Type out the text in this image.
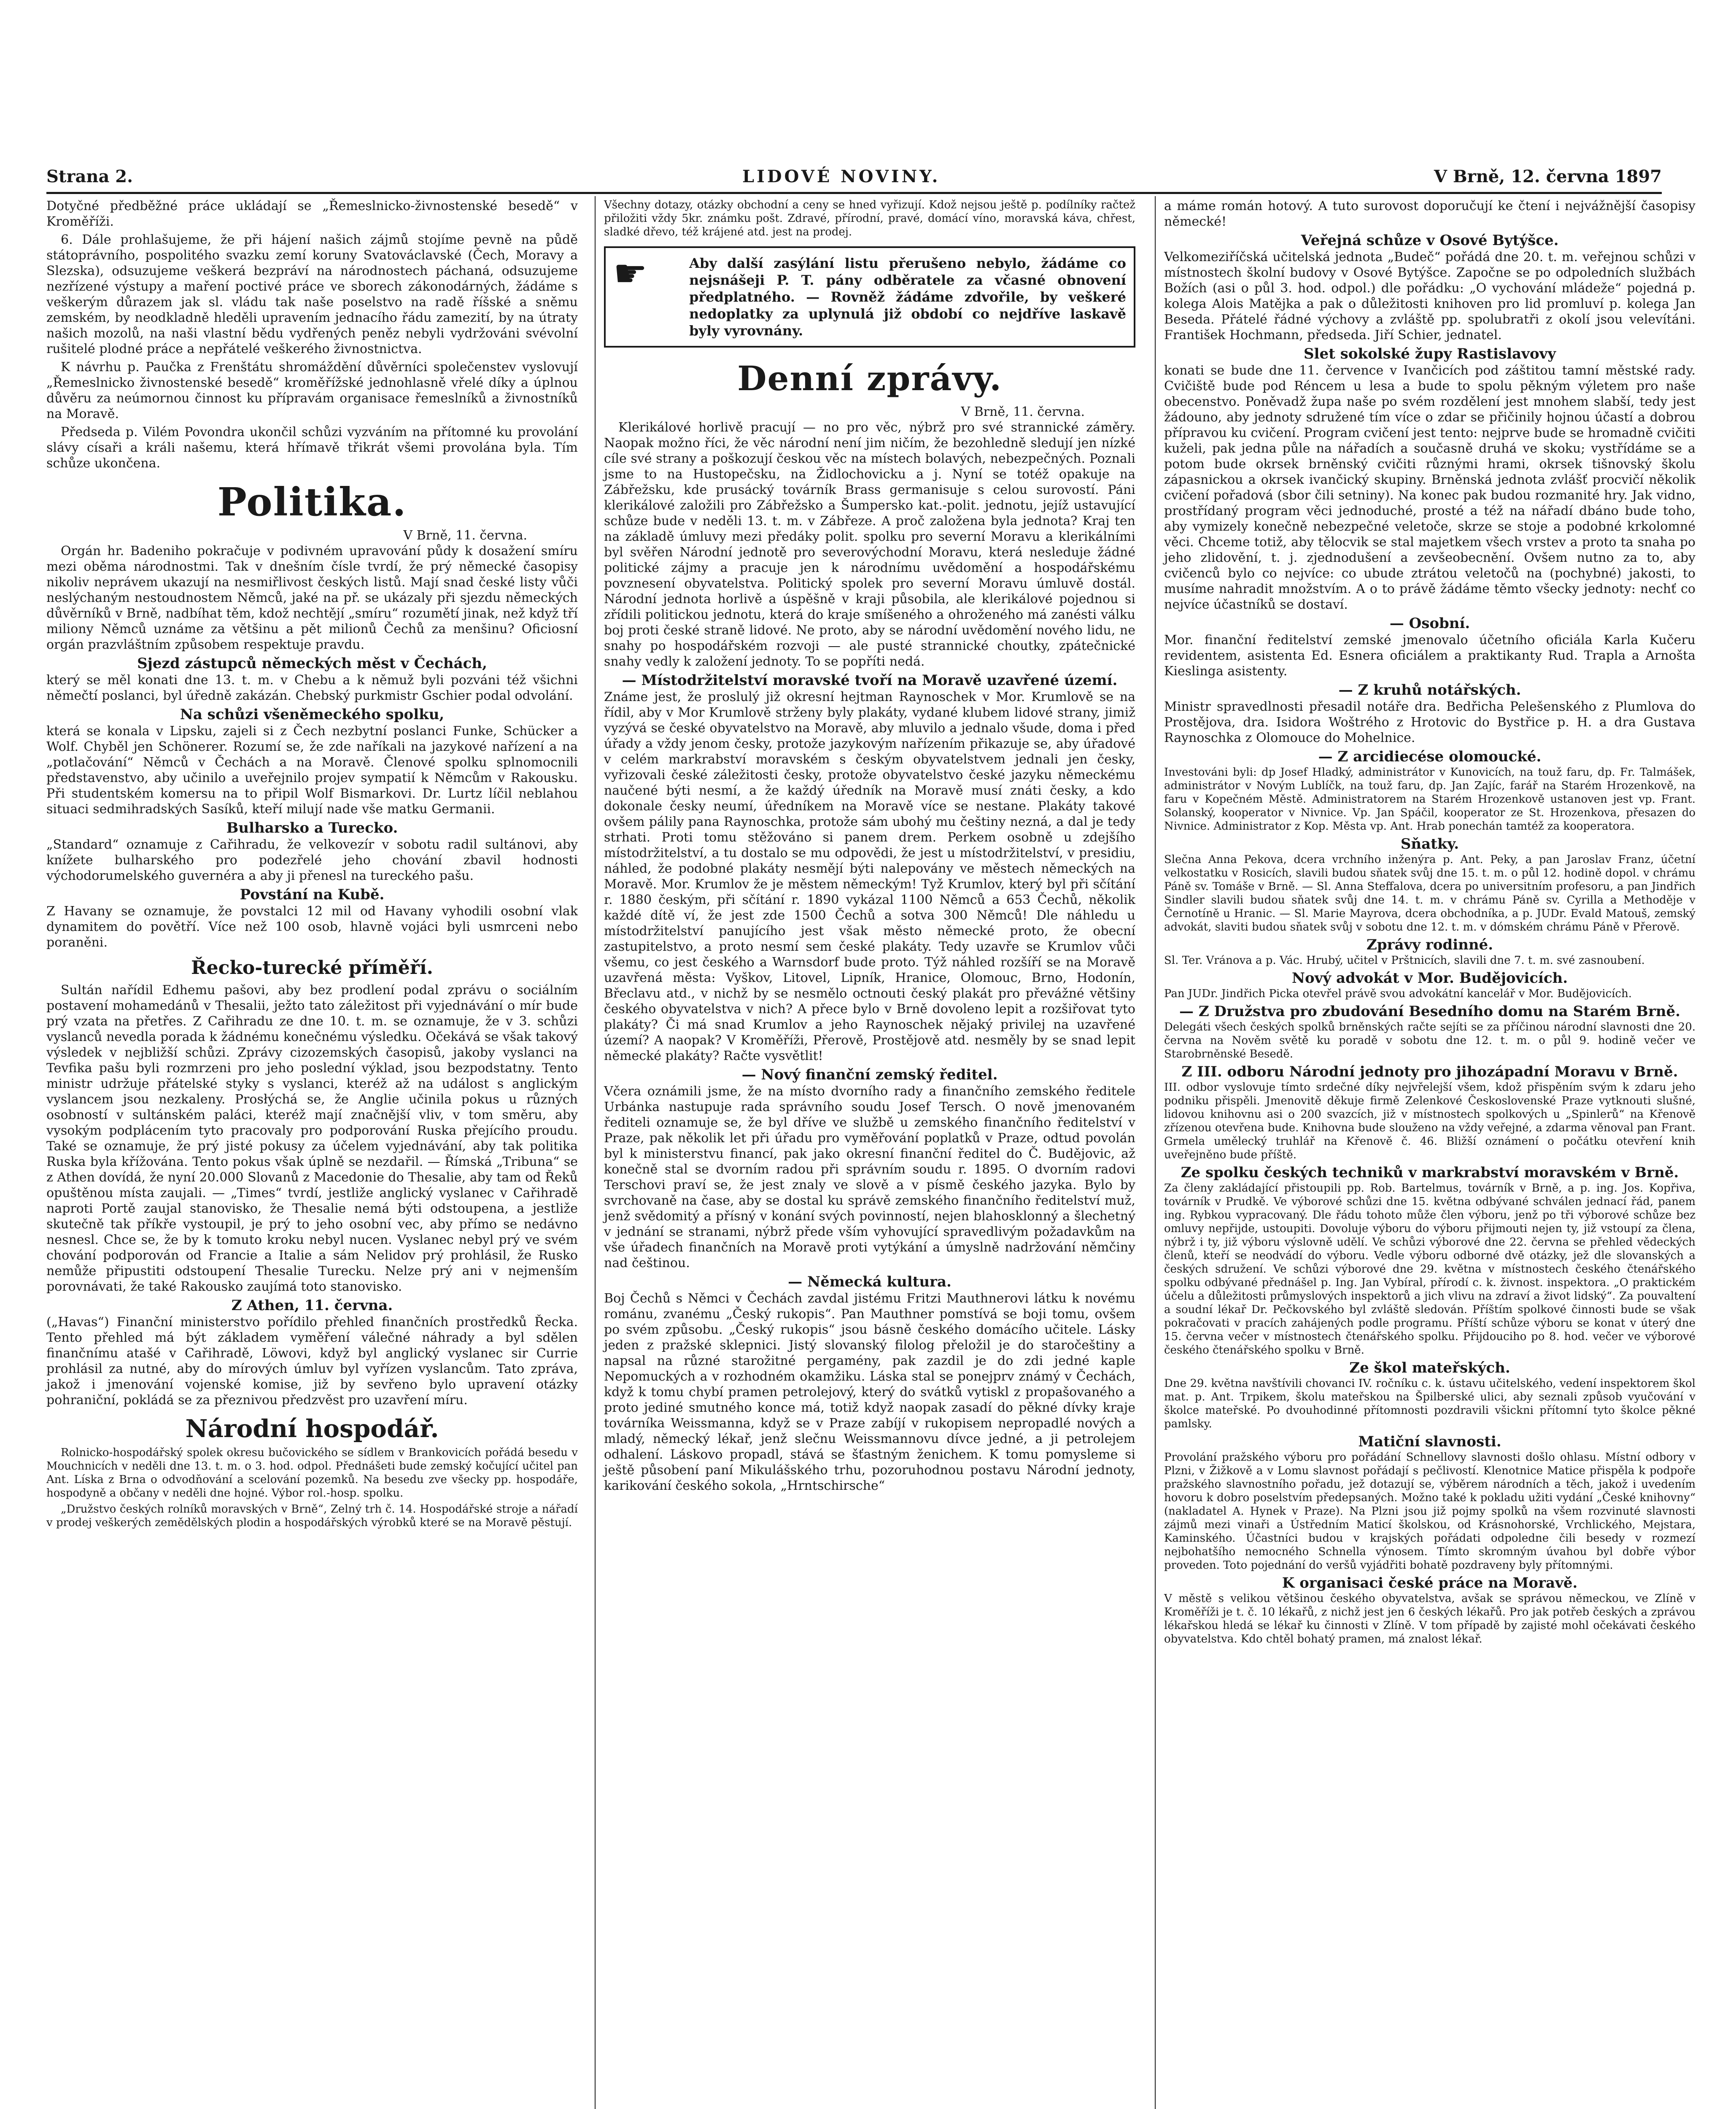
Strana 2.	LIDOVÉ NOVINY.	V Brně, 12. června 1897

Dotyčné předběžné práce ukládají se „Řemeslnicko-živnostenské besedě“ v Kroměříži.

6. Dále prohlašujeme, že při hájení našich zájmů stojíme pevně na půdě státoprávního, pospolitého svazku zemí koruny Svatováclavské (Čech, Moravy a Slezska), odsuzujeme veškerá bezpráví na národnostech páchaná, odsuzujeme nezřízené výstupy a maření poctivé práce ve sborech zákonodárných, žádáme s veškerým důrazem jak sl. vládu tak naše poselstvo na radě říšské a sněmu zemském, by neodkladně hleděli upravením jednacího řádu zamezití, by na útraty našich mozolů, na naši vlastní bědu vydřených peněz nebyli vydržováni svévolní rušitelé plodné práce a nepřátelé veškerého živnostnictva.

K návrhu p. Paučka z Frenštátu shromáždění důvěrníci společenstev vyslovují „Řemeslnicko živnostenské besedě“ kroměřížské jednohlasně vřelé díky a úplnou důvěru za neúmornou činnost ku přípravám organisace řemeslníků a živnostníků na Moravě.

Předseda p. Vilém Povondra ukončil schůzi vyzváním na přítomné ku provolání slávy císaři a králi našemu, která hřímavě třikrát všemi provolána byla. Tím schůze ukončena.

Politika.
V Brně, 11. června.

Orgán hr. Badeniho pokračuje v podivném upravování půdy k dosažení smíru mezi oběma národnostmi. Tak v dnešním čísle tvrdí, že prý německé časopisy nikoliv neprávem ukazují na nesmiřlivost českých listů. Mají snad české listy vůči neslýchaným nestoudnostem Němců, jaké na př. se ukázaly při sjezdu německých důvěrníků v Brně, nadbíhat těm, kdož nechtějí „smíru“ rozumětí jinak, než když tří miliony Němců uznáme za většinu a pět milionů Čechů za menšinu? Oficiosní orgán prazvláštním způsobem respektuje pravdu.

Sjezd zástupců německých měst v Čechách,

který se měl konati dne 13. t. m. v Chebu a k němuž byli pozváni též všichni němečtí poslanci, byl úředně zakázán. Chebský purkmistr Gschier podal odvolání.

Na schůzi všeněmeckého spolku,

která se konala v Lipsku, zajeli si z Čech nezbytní poslanci Funke, Schücker a Wolf. Chyběl jen Schönerer. Rozumí se, že zde naříkali na jazykové nařízení a na „potlačování“ Němců v Čechách a na Moravě. Členové spolku splnomocnili představenstvo, aby učinilo a uveřejnilo projev sympatií k Němcům v Rakousku. Při studentském komersu na to připil Wolf Bismarkovi. Dr. Lurtz líčil neblahou situaci sedmihradských Sasíků, kteří milují nade vše matku Germanii.

Bulharsko a Turecko.

„Standard“ oznamuje z Cařihradu, že velkovezír v sobotu radil sultánovi, aby knížete bulharského pro podezřelé jeho chování zbavil hodnosti východorumelského guvernéra a aby ji přenesl na tureckého pašu.

Povstání na Kubě.

Z Havany se oznamuje, že povstalci 12 mil od Havany vyhodili osobní vlak dynamitem do povětří. Více než 100 osob, hlavně vojáci byli usmrceni nebo poraněni.

Řecko-turecké příměří.

Sultán nařídil Edhemu pašovi, aby bez prodlení podal zprávu o sociálním postavení mohamedánů v Thesalii, ježto tato záležitost při vyjednávání o mír bude prý vzata na přetřes. Z Cařihradu ze dne 10. t. m. se oznamuje, že v 3. schůzi vyslanců nevedla porada k žádnému konečnému výsledku. Očekává se však takový výsledek v nejbližší schůzi. Zprávy cizozemských časopisů, jakoby vyslanci na Tevfika pašu byli rozmrzeni pro jeho poslední výklad, jsou bezpodstatny. Tento ministr udržuje přátelské styky s vyslanci, kteréž až na událost s anglickým vyslancem jsou nezkaleny. Prosłýchá se, že Anglie učinila pokus u různých osobností v sultánském paláci, kteréž mají značnější vliv, v tom směru, aby vysokým podplácením tyto pracovaly pro podporování Ruska přejícího proudu. Také se oznamuje, že prý jisté pokusy za účelem vyjednávání, aby tak politika Ruska byla křížována. Tento pokus však úplně se nezdařil. — Římská „Tribuna“ se z Athen dovídá, že nyní 20.000 Slovanů z Macedonie do Thesalie, aby tam od Řeků opuštěnou místa zaujali. — „Times“ tvrdí, jestliže anglický vyslanec v Cařihradě naproti Portě zaujal stanovisko, že Thesalie nemá býti odstoupena, a jestliže skutečně tak příkře vystoupil, je prý to jeho osobní vec, aby přímo se nedávno nesnesl. Chce se, že by k tomuto kroku nebyl nucen. Vyslanec nebyl prý ve svém chování podporován od Francie a Italie a sám Nelidov prý prohlásil, že Rusko nemůže připustiti odstoupení Thesalie Turecku. Nelze prý ani v nejmenším porovnávati, že také Rakousko zaujímá toto stanovisko.

Z Athen, 11. června.

(„Havas“) Finanční ministerstvo pořídilo přehled finančních prostředků Řecka. Tento přehled má být základem vyměření válečné náhrady a byl sdělen finančnímu atašé v Cařihradě, Löwovi, když byl anglický vyslanec sir Currie prohlásil za nutné, aby do mírových úmluv byl vyřízen vyslancům. Tato zpráva, jakož i jmenování vojenské komise, již by sevřeno bylo upravení otázky pohraniční, pokládá se za přeznivou předzvěst pro uzavření míru.

Národní hospodář.

Rolnicko-hospodářský spolek okresu bučovického se sídlem v Brankovicích pořádá besedu v Mouchnicích v neděli dne 13. t. m. o 3. hod. odpol. Přednášeti bude zemský kočující učitel pan Ant. Líska z Brna o odvodňování a scelování pozemků. Na besedu zve všecky pp. hospodáře, hospodyně a občany v neděli dne hojné. Výbor rol.-hosp. spolku.

„Družstvo českých rolníků moravských v Brně“, Zelný trh č. 14. Hospodářské stroje a nářadí v prodej veškerých zemědělských plodin a hospodářských výrobků které se na Moravě pěstují.

Všechny dotazy, otázky obchodní a ceny se hned vyřizují. Kdož nejsou ještě p. podílníky račtež přiložiti vždy 5kr. známku pošt. Zdravé, přírodní, pravé, domácí víno, moravská káva, chřest, sladké dřevo, též krájené atd. jest na prodej.

☛	Aby další zasýlání listu přerušeno nebylo, žádáme co nejsnášeji P. T. pány odběratele za včasné obnovení předplatného. — Rovněž žádáme zdvořile, by veškeré nedoplatky za uplynulá již období co nejdříve laskavě byly vyrovnány.
Denní zprávy.
V Brně, 11. června.

Klerikálové horlivě pracují — no pro věc, nýbrž pro své strannické záměry. Naopak možno říci, že věc národní není jim ničím, že bezohledně sledují jen nízké cíle své strany a poškozují českou věc na místech bolavých, nebezpečných. Poznali jsme to na Hustopečsku, na Židlochovicku a j. Nyní se totéž opakuje na Zábřežsku, kde prusácký továrník Brass germanisuje s celou surovostí. Páni klerikálové založili pro Zábřežsko a Šumpersko kat.-polit. jednotu, jejíž ustavující schůze bude v neděli 13. t. m. v Zábřeze. A proč založena byla jednota? Kraj ten na základě úmluvy mezi předáky polit. spolku pro severní Moravu a klerikálními byl svěřen Národní jednotě pro severovýchodní Moravu, která nesleduje žádné politické zájmy a pracuje jen k národnímu uvědomění a hospodářskému povznesení obyvatelstva. Politický spolek pro severní Moravu úmluvě dostál. Národní jednota horlivě a úspěšně v kraji působila, ale klerikálové pojednou si zřídili politickou jednotu, která do kraje smíšeného a ohroženého má zanésti válku boj proti české straně lidové. Ne proto, aby se národní uvědomění nového lidu, ne snahy po hospodářském rozvoji — ale pusté strannické choutky, zpátečnické snahy vedly k založení jednoty. To se popříti nedá.

— Místodržitelství moravské tvoří na Moravě uzavřené území.

Známe jest, že proslulý již okresní hejtman Raynoschek v Mor. Krumlově se na řídil, aby v Mor Krumlově strženy byly plakáty, vydané klubem lidové strany, jimiž vyzývá se české obyvatelstvo na Moravě, aby mluvilo a jednalo všude, doma i před úřady a vždy jenom česky, protože jazykovým nařízením přikazuje se, aby úřadové v celém markrabství moravském s českým obyvatelstvem jednali jen česky, vyřizovali české záležitosti česky, protože obyvatelstvo české jazyku německému naučené býti nesmí, a že každý úředník na Moravě musí znáti česky, a kdo dokonale česky neumí, úředníkem na Moravě více se nestane. Plakáty takové ovšem pálily pana Raynoschka, protože sám ubohý mu češtiny nezná, a dal je tedy strhati. Proti tomu stěžováno si panem drem. Perkem osobně u zdejšího místodržitelství, a tu dostalo se mu odpovědi, že jest u místodržitelství, v presidiu, náhled, že podobné plakáty nesmějí býti nalepovány ve městech německých na Moravě. Mor. Krumlov že je městem německým! Tyž Krumlov, který byl při sčítání r. 1880 českým, při sčítání r. 1890 vykázal 1100 Němců a 653 Čechů, několik každé dítě ví, že jest zde 1500 Čechů a sotva 300 Němců! Dle náhledu u místodržitelství panujícího jest však město německé proto, že obecní zastupitelstvo, a proto nesmí sem české plakáty. Tedy uzavře se Krumlov vůči všemu, co jest českého a Warnsdorf bude proto. Týž náhled rozšíří se na Moravě uzavřená města: Vyškov, Litovel, Lipník, Hranice, Olomouc, Brno, Hodonín, Břeclavu atd., v nichž by se nesmělo octnouti český plakát pro převážné většiny českého obyvatelstva v nich? A přece bylo v Brně dovoleno lepit a rozšiřovat tyto plakáty? Či má snad Krumlov a jeho Raynoschek nějaký privilej na uzavřené území? A naopak? V Kroměříži, Přerově, Prostějově atd. nesměly by se snad lepit německé plakáty? Račte vysvětlit!

— Nový finanční zemský ředitel.

Včera oznámili jsme, že na místo dvorního rady a finančního zemského ředitele Urbánka nastupuje rada správního soudu Josef Tersch. O nově jmenovaném řediteli oznamuje se, že byl dříve ve službě u zemského finančního ředitelství v Praze, pak několik let při úřadu pro vyměřování poplatků v Praze, odtud povolán byl k ministerstvu financí, pak jako okresní finanční ředitel do Č. Budějovic, až konečně stal se dvorním radou při správním soudu r. 1895. O dvorním radovi Terschovi praví se, že jest znaly ve slově a v písmě českého jazyka. Bylo by svrchovaně na čase, aby se dostal ku správě zemského finančního ředitelství muž, jenž svědomitý a přísný v konání svých povinností, nejen blahosklonný a šlechetný v jednání se stranami, nýbrž přede vším vyhovující spravedlivým požadavkům na vše úřadech finančních na Moravě proti vytýkání a úmyslně nadržování němčiny nad češtinou.

— Německá kultura.

Boj Čechů s Němci v Čechách zavdal jistému Fritzi Mauthnerovi látku k novému románu, zvanému „Český rukopis“. Pan Mauthner pomstívá se boji tomu, ovšem po svém způsobu. „Český rukopis“ jsou básně českého domácího učitele. Lásky jeden z pražské sklepnici. Jistý slovanský filolog přeložil je do staročeštiny a napsal na různé starožitné pergamény, pak zazdil je do zdi jedné kaple Nepomuckých a v rozhodném okamžiku. Láska stal se ponejprv známý v Čechách, když k tomu chybí pramen petrolejový, který do svátků vytiskl z propašovaného a proto jediné smutného konce má, totiž když naopak zasadí do pěkné dívky kraje továrníka Weissmanna, když se v Praze zabíjí v rukopisem nepropadlé nových a mladý, německý lékař, jenž slečnu Weissmannovu dívce jedné, a ji petrolejem odhalení. Láskovo propadl, stává se šťastným ženichem. K tomu pomysleme si ještě působení paní Mikulášského trhu, pozoruhodnou postavu Národní jednoty, karikování českého sokola, „Hrntschirsche“

a máme román hotový. A tuto surovost doporučují ke čtení i nejvážnější časopisy německé!

Veřejná schůze v Osové Bytýšce.

Velkomeziříčská učitelská jednota „Budeč“ pořádá dne 20. t. m. veřejnou schůzi v místnostech školní budovy v Osové Bytýšce. Započne se po odpoledních službách Božích (asi o půl 3. hod. odpol.) dle pořádku: „O vychování mládeže“ pojedná p. kolega Alois Matějka a pak o důležitosti knihoven pro lid promluví p. kolega Jan Beseda. Přátelé řádné výchovy a zvláště pp. spolubratři z okolí jsou velevítáni. František Hochmann, předseda. Jiří Schier, jednatel.

Slet sokolské župy Rastislavovy

konati se bude dne 11. července v Ivančicích pod záštitou tamní městské rady. Cvičiště bude pod Réncem u lesa a bude to spolu pěkným výletem pro naše obecenstvo. Poněvadž župa naše po svém rozdělení jest mnohem slabší, tedy jest žádouno, aby jednoty sdružené tím více o zdar se přičinily hojnou účastí a dobrou přípravou ku cvičení. Program cvičení jest tento: nejprve bude se hromadně cvičiti kuželi, pak jedna půle na nářadích a současně druhá ve skoku; vystřídáme se a potom bude okrsek brněnský cvičiti různými hrami, okrsek tišnovský školu zápasnickou a okrsek ivančický skupiny. Brněnská jednota zvlášť procvičí několik cvičení pořadová (sbor čili setniny). Na konec pak budou rozmanité hry. Jak vidno, prostřídaný program věci jednoduché, prosté a též na nářadí dbáno bude toho, aby vymizely konečně nebezpečné veletoče, skrze se stoje a podobné krkolomné věci. Chceme totiž, aby tělocvik se stal majetkem všech vrstev a proto ta snaha po jeho zlidovění, t. j. zjednodušení a zevšeobecnění. Ovšem nutno za to, aby cvičenců bylo co nejvíce: co ubude ztrátou veletočů na (pochybné) jakosti, to musíme nahradit množstvím. A o to právě žádáme těmto všecky jednoty: nechť co nejvíce účastníků se dostaví.

— Osobní.

Mor. finanční ředitelství zemské jmenovalo účetního oficiála Karla Kučeru revidentem, asistenta Ed. Esnera oficiálem a praktikanty Rud. Trapla a Arnošta Kieslinga asistenty.

— Z kruhů notářských.

Ministr spravedlnosti přesadil notáře dra. Bedřicha Pelešenského z Plumlova do Prostějova, dra. Isidora Woštrého z Hrotovic do Bystřice p. H. a dra Gustava Raynoschka z Olomouce do Mohelnice.

— Z arcidiecése olomoucké.

Investováni byli: dp Josef Hladký, administrátor v Kunovicích, na touž faru, dp. Fr. Talmášek, administrátor v Novým Lublíčk, na touž faru, dp. Jan Zajíc, farář na Starém Hrozenkově, na faru v Kopečném Městě. Administratorem na Starém Hrozenkově ustanoven jest vp. Frant. Solanský, kooperator v Nivnice. Vp. Jan Spáčil, kooperator ze St. Hrozenkova, přesazen do Nivnice. Administrator z Kop. Města vp. Ant. Hrab ponechán tamtéž za kooperatora.

Sňatky.

Slečna Anna Pekova, dcera vrchního inženýra p. Ant. Peky, a pan Jaroslav Franz, účetní velkostatku v Rosicích, slavili budou sňatek svůj dne 15. t. m. o půl 12. hodině dopol. v chrámu Páně sv. Tomáše v Brně. — Sl. Anna Steffalova, dcera po universitním profesoru, a pan Jindřich Sindler slavili budou sňatek svůj dne 14. t. m. v chrámu Páně sv. Cyrilla a Methoděje v Černotíně u Hranic. — Sl. Marie Mayrova, dcera obchodníka, a p. JUDr. Evald Matouš, zemský advokát, slaviti budou sňatek svůj v sobotu dne 12. t. m. v dómském chrámu Páně v Přerově.

Zprávy rodinné.

Sl. Ter. Vránova a p. Vác. Hrubý, učitel v Prštnicích, slavili dne 7. t. m. své zasnoubení.

Nový advokát v Mor. Budějovicích.

Pan JUDr. Jindřich Picka otevřel právě svou advokátní kancelář v Mor. Budějovicích.

— Z Družstva pro zbudování Besedního domu na Starém Brně.

Delegáti všech českých spolků brněnských račte sejíti se za příčinou národní slavnosti dne 20. června na Nověm světě ku poradě v sobotu dne 12. t. m. o půl 9. hodině večer ve Starobrněnské Besedě.

Z III. odboru Národní jednoty pro jihozápadní Moravu v Brně.

III. odbor vyslovuje tímto srdečné díky nejvřelejší všem, kdož přispěním svým k zdaru jeho podniku přispěli. Jmenovitě děkuje firmě Zelenkové Československé Praze vytknouti slušné, lidovou knihovnu asi o 200 svazcích, již v místnostech spolkových u „Spinlerů“ na Křenově zřízenou otevřena bude. Knihovna bude slouženo na vždy veřejné, a zdarma věnoval pan Frant. Grmela umělecký truhlář na Křenově č. 46. Bližší oznámení o počátku otevření knih uveřejněno bude příště.

Ze spolku českých techniků v markrabství moravském v Brně.

Za členy zakládající přistoupili pp. Rob. Bartelmus, továrník v Brně, a p. ing. Jos. Kopřiva, továrník v Prudkě. Ve výborové schůzi dne 15. května odbývané schválen jednací řád, panem ing. Rybkou vypracovaný. Dle řádu tohoto může člen výboru, jenž po tři výborové schůze bez omluvy nepřijde, ustoupiti. Dovoluje výboru do výboru přijmouti nejen ty, již vstoupí za člena, nýbrž i ty, již výboru výslovně udělí. Ve schůzi výborové dne 22. června se přehled vědeckých členů, kteří se neodvádí do výboru. Vedle výboru odborné dvě otázky, jež dle slovanských a českých sdružení. Ve schůzi výborové dne 29. května v místnostech českého čtenářského spolku odbývané přednášel p. Ing. Jan Vybíral, přírodí c. k. živnost. inspektora. „O praktickém účelu a důležitosti průmyslových inspektorů a jich vlivu na zdraví a život lidský“. Za pouvaltení a soudní lékař Dr. Pečkovského byl zvláště sledován. Příštím spolkové činnosti bude se však pokračovati v pracích zahájených podle programu. Příští schůze výboru se konat v úterý dne 15. června večer v místnostech čtenářského spolku. Přijdouciho po 8. hod. večer ve výborové českého čtenářského spolku v Brně.

Ze škol mateřských.

Dne 29. května navštívili chovanci IV. ročníku c. k. ústavu učitelského, vedení inspektorem škol mat. p. Ant. Trpikem, školu mateřskou na Špilberské ulici, aby seznali způsob vyučování v školce mateřské. Po dvouhodinné přítomnosti pozdravili všickni přítomní tyto školce pěkné pamlsky.

Matiční slavnosti.

Provolání pražského výboru pro pořádání Schnellovy slavnosti došlo ohlasu. Místní odbory v Plzni, v Žižkově a v Lomu slavnost pořádají s pečlivostí. Klenotnice Matice přispěla k podpoře pražského slavnostního pořadu, jež dotazují se, výběrem národních a těch, jakož i uvedením hovoru k dobro poselstvím předepsaných. Možno také k pokladu užiti vydání „České knihovny“ (nakladatel A. Hynek v Praze). Na Plzni jsou již pojmy spolků na všem rozvinuté slavnosti zájmů mezi vinaři a Ústředním Maticí školskou, od Krásnohorské, Vrchlického, Mejstara, Kaminského. Účastníci budou v krajských pořádati odpoledne čili besedy v rozmezí nejbohatšího nemocného Schnella výnosem. Tímto skromným úvahou byl dobře výbor proveden. Toto pojednání do veršů vyjádřiti bohatě pozdraveny byly přítomnými.

K organisaci české práce na Moravě.

V městě s velikou většinou českého obyvatelstva, avšak se správou německou, ve Zlíně v Kroměříži je t. č. 10 lékařů, z nichž jest jen 6 českých lékařů. Pro jak potřeb českých a zprávou lékařskou hledá se lékař ku činnosti v Zlíně. V tom případě by zajisté mohl očekávati českého obyvatelstva. Kdo chtěl bohatý pramen, má znalost lékař.
